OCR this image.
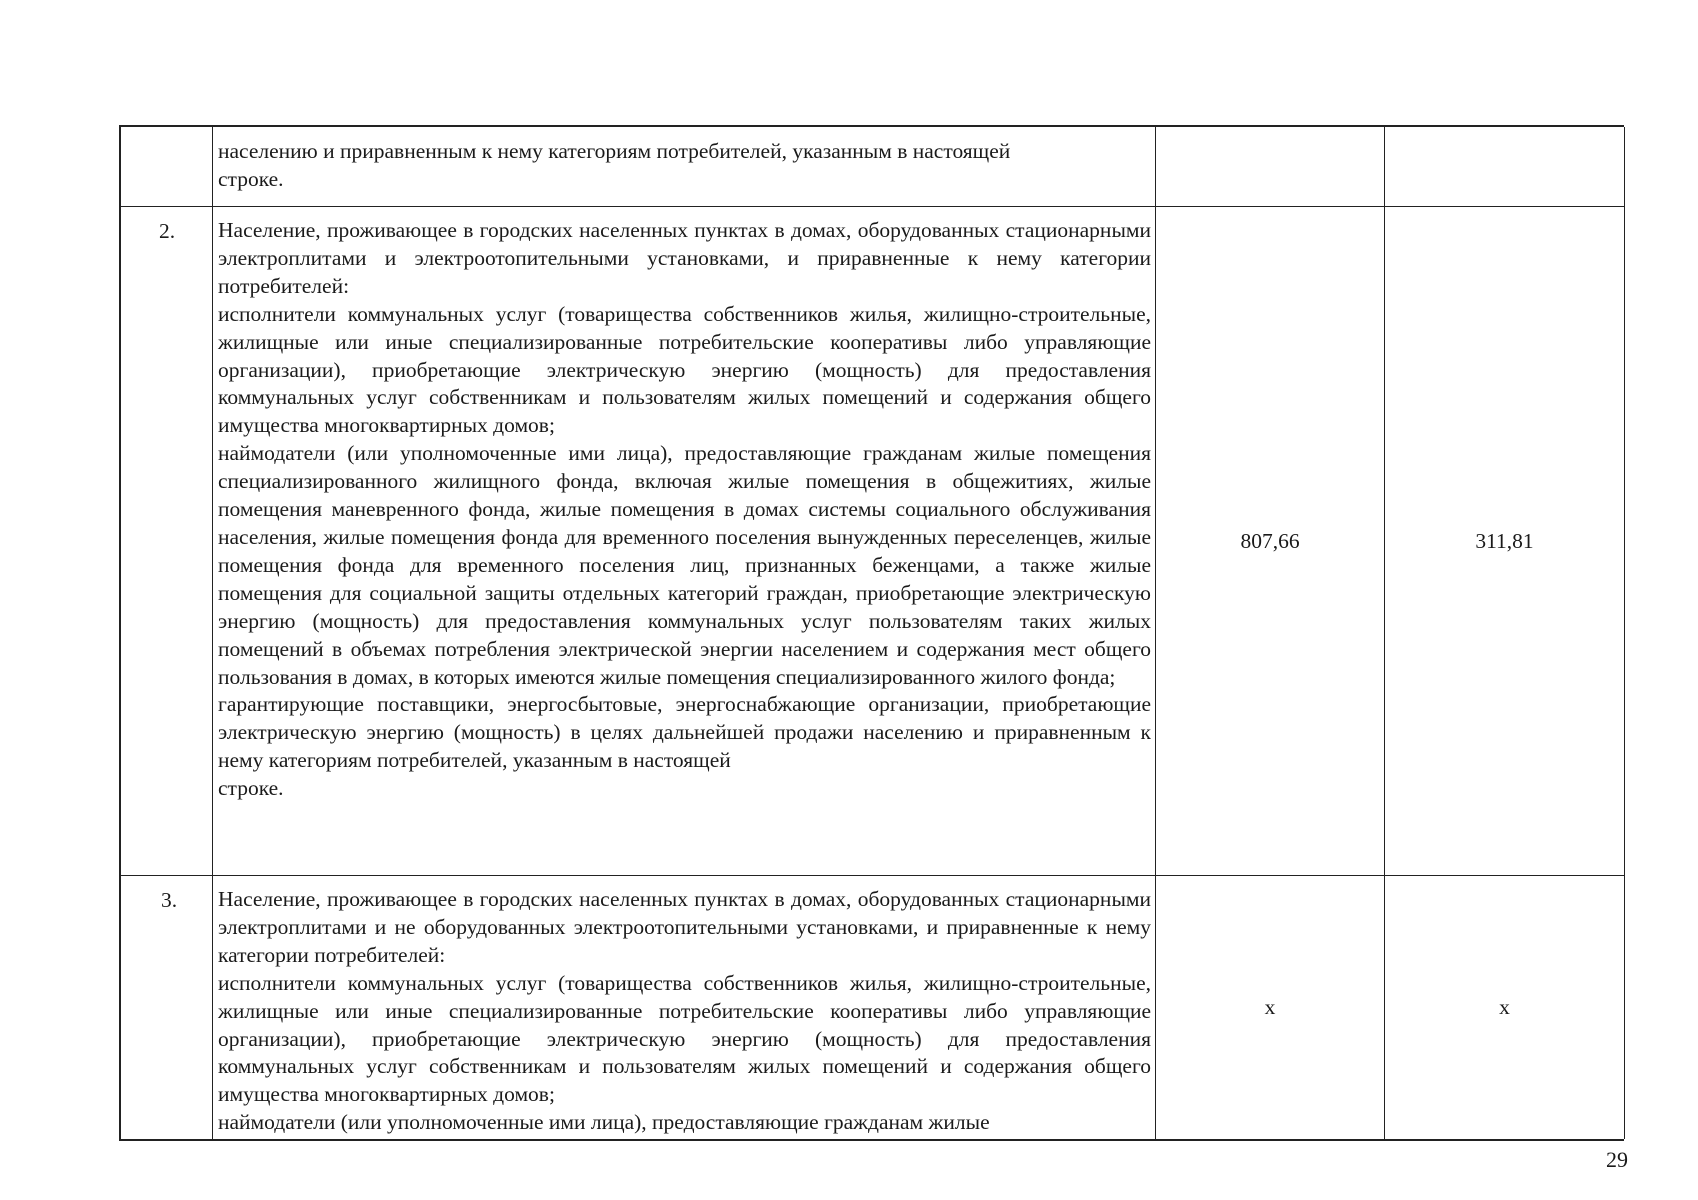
населению и приравненным к нему категориям потребителей, указанным в настоящей
строке.

2.	Население, проживающее в городских населенных пунктах в домах, оборудованных стационарными электроплитами и электроотопительными установками, и приравненные к нему категории потребителей:
исполнители коммунальных услуг (товарищества собственников жилья, жилищно-строительные, жилищные или иные специализированные потребительские кооперативы либо управляющие организации), приобретающие электрическую энергию (мощность) для предоставления коммунальных услуг собственникам и пользователям жилых помещений и содержания общего имущества многоквартирных домов;
наймодатели (или уполномоченные ими лица), предоставляющие гражданам жилые помещения специализированного жилищного фонда, включая жилые помещения в общежитиях, жилые помещения маневренного фонда, жилые помещения в домах системы социального обслуживания населения, жилые помещения фонда для временного поселения вынужденных переселенцев, жилые помещения фонда для временного поселения лиц, признанных беженцами, а также жилые помещения для социальной защиты отдельных категорий граждан, приобретающие электрическую энергию (мощность) для предоставления коммунальных услуг пользователям таких жилых помещений в объемах потребления электрической энергии населением и содержания мест общего пользования в домах, в которых имеются жилые помещения специализированного жилого фонда;
гарантирующие поставщики, энергосбытовые, энергоснабжающие организации, приобретающие электрическую энергию (мощность) в целях дальнейшей продажи населению и приравненным к нему категориям потребителей, указанным в настоящей
строке.

807,66	311,81
3.	Население, проживающее в городских населенных пунктах в домах, оборудованных стационарными электроплитами и не оборудованных электроотопительными установками, и приравненные к нему категории потребителей:
исполнители коммунальных услуг (товарищества собственников жилья, жилищно-строительные, жилищные или иные специализированные потребительские кооперативы либо управляющие организации), приобретающие электрическую энергию (мощность) для предоставления коммунальных услуг собственникам и пользователям жилых помещений и содержания общего имущества многоквартирных домов;
наймодатели (или уполномоченные ими лица), предоставляющие гражданам жилые

x	x
29
